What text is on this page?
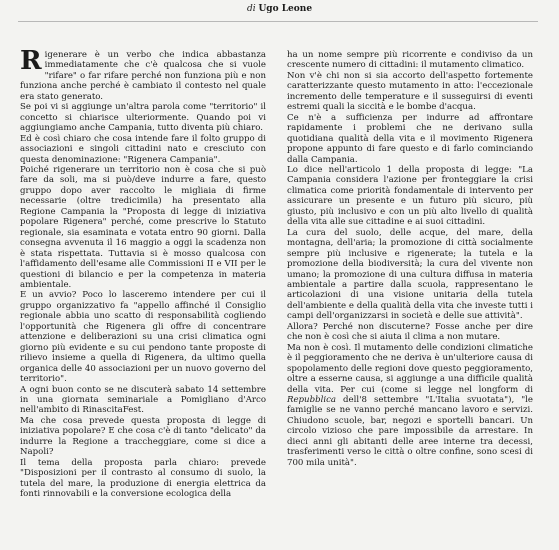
di Ugo Leone

Rigenerare è un verbo che indica abbastanza immediatamente che c'è qualcosa che si vuole "rifare" o far rifare perché non funziona più e non funziona anche perché è cambiato il contesto nel quale era stato generato.

Se poi vi si aggiunge un'altra parola come "territorio" il concetto si chiarisce ulteriormente. Quando poi vi aggiungiamo anche Campania, tutto diventa più chiaro.

Ed è così chiaro che cosa intende fare il folto gruppo di associazioni e singoli cittadini nato e cresciuto con questa denominazione: "Rigenera Campania".

Poiché rigenerare un territorio non è cosa che si può fare da soli, ma si può/deve indurre a fare, questo gruppo dopo aver raccolto le migliaia di firme necessarie (oltre tredicimila) ha presentato alla Regione Campania la "Proposta di legge di iniziativa popolare Rigenera" perché, come prescrive lo Statuto regionale, sia esaminata e votata entro 90 giorni. Dalla consegna avvenuta il 16 maggio a oggi la scadenza non è stata rispettata. Tuttavia si è mosso qualcosa con l'affidamento dell'esame alle Commissioni II e VII per le questioni di bilancio e per la competenza in materia ambientale.

E un avvio? Poco lo lasceremo intendere per cui il gruppo organizzativo fa "appello affinché il Consiglio regionale abbia uno scatto di responsabilità cogliendo l'opportunità che Rigenera gli offre di concentrare attenzione e deliberazioni su una crisi climatica ogni giorno più evidente e su cui pendono tante proposte di rilievo insieme a quella di Rigenera, da ultimo quella organica delle 40 associazioni per un nuovo governo del territorio".

A ogni buon conto se ne discuterà sabato 14 settembre in una giornata seminariale a Pomigliano d'Arco nell'ambito di RinascitaFest.

Ma che cosa prevede questa proposta di legge di iniziativa popolare? E che cosa c'è di tanto "delicato" da indurre la Regione a traccheggiare, come si dice a Napoli?

Il tema della proposta parla chiaro: prevede "Disposizioni per il contrasto al consumo di suolo, la tutela del mare, la produzione di energia elettrica da fonti rinnovabili e la conversione ecologica della

ha un nome sempre più ricorrente e condiviso da un crescente numero di cittadini: il mutamento climatico.

Non v'è chi non si sia accorto dell'aspetto fortemente caratterizzante questo mutamento in atto: l'eccezionale incremento delle temperature e il susseguirsi di eventi estremi quali la siccità e le bombe d'acqua.

Ce n'è a sufficienza per indurre ad affrontare rapidamente i problemi che ne derivano sulla quotidiana qualità della vita e il movimento Rigenera propone appunto di fare questo e di farlo cominciando dalla Campania.

Lo dice nell'articolo 1 della proposta di legge: "La Campania considera l'azione per fronteggiare la crisi climatica come priorità fondamentale di intervento per assicurare un presente e un futuro più sicuro, più giusto, più inclusivo e con un più alto livello di qualità della vita alle sue cittadine e ai suoi cittadini.

La cura del suolo, delle acque, del mare, della montagna, dell'aria; la promozione di città socialmente sempre più inclusive e rigenerate; la tutela e la promozione della biodiversità; la cura del vivente non umano; la promozione di una cultura diffusa in materia ambientale a partire dalla scuola, rappresentano le articolazioni di una visione unitaria della tutela dell'ambiente e della qualità della vita che investe tutti i campi dell'organizzarsi in società e delle sue attività".

Allora? Perché non discuterne? Fosse anche per dire che non è così che si aiuta il clima a non mutare.

Ma non è così. Il mutamento delle condizioni climatiche è il peggioramento che ne deriva è un'ulteriore causa di spopolamento delle regioni dove questo peggioramento, oltre a esserne causa, si aggiunge a una difficile qualità della vita. Per cui (come si legge nel longform di Repubblica dell'8 settembre "L'Italia svuotata"), "le famiglie se ne vanno perché mancano lavoro e servizi. Chiudono scuole, bar, negozi e sportelli bancari. Un circolo vizioso che pare impossibile da arrestare. In dieci anni gli abitanti delle aree interne tra decessi, trasferimenti verso le città o oltre confine, sono scesi di 700 mila unità".
